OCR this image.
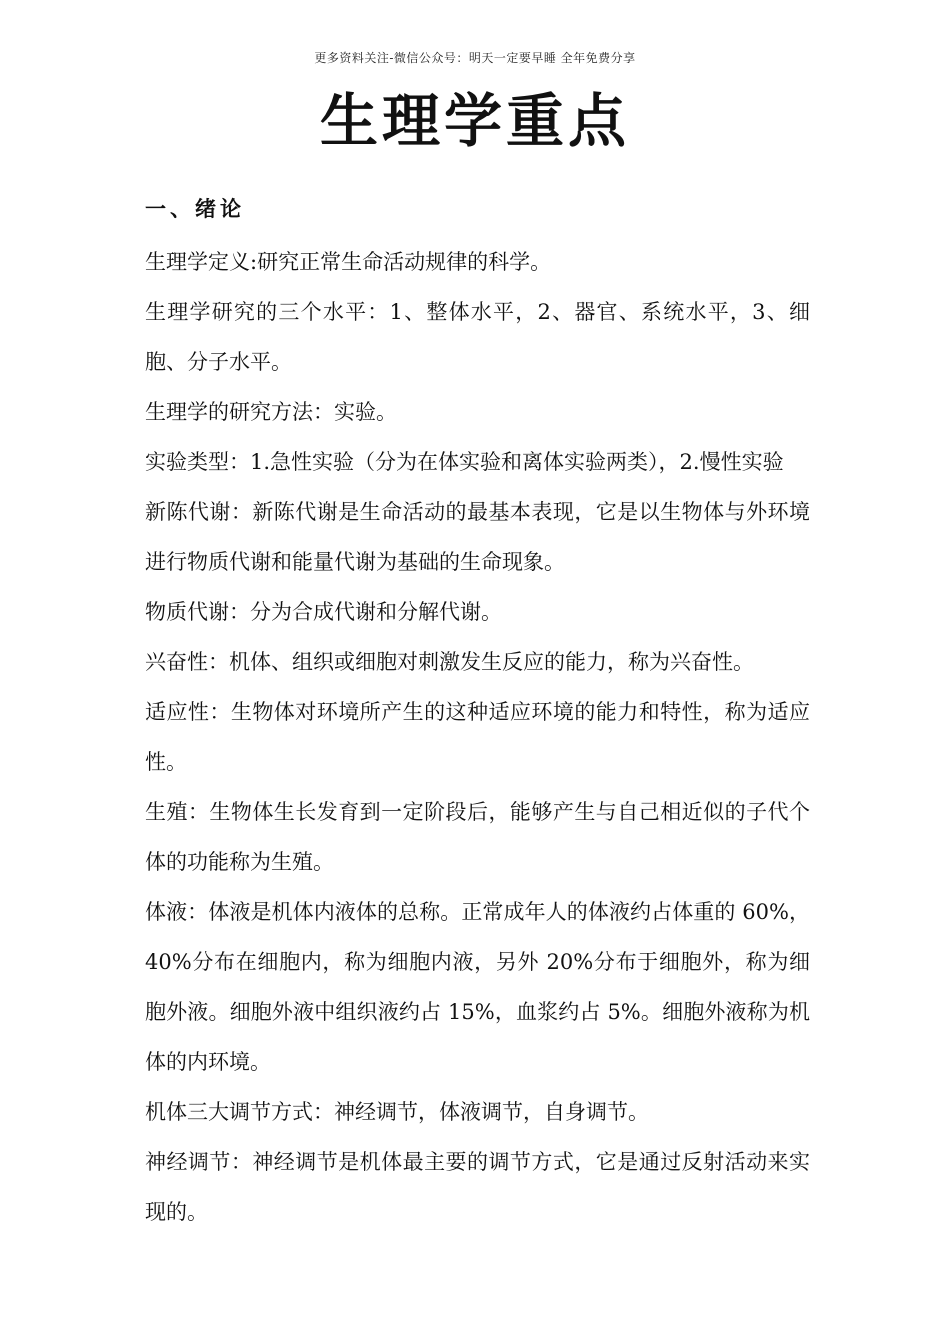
更多资料关注-微信公众号：明天一定要早睡 全年免费分享
生理学重点
一、绪论

生理学定义:研究正常生命活动规律的科学。

生理学研究的三个水平：1、整体水平，2、器官、系统水平，3、细胞、分子水平。

生理学的研究方法：实验。

实验类型：1.急性实验（分为在体实验和离体实验两类），2.慢性实验

新陈代谢：新陈代谢是生命活动的最基本表现，它是以生物体与外环境进行物质代谢和能量代谢为基础的生命现象。

物质代谢：分为合成代谢和分解代谢。

兴奋性：机体、组织或细胞对刺激发生反应的能力，称为兴奋性。

适应性：生物体对环境所产生的这种适应环境的能力和特性，称为适应性。

生殖：生物体生长发育到一定阶段后，能够产生与自己相近似的子代个体的功能称为生殖。

体液：体液是机体内液体的总称。正常成年人的体液约占体重的 60%，40%分布在细胞内，称为细胞内液，另外 20%分布于细胞外，称为细胞外液。细胞外液中组织液约占 15%，血浆约占 5%。细胞外液称为机体的内环境。

机体三大调节方式：神经调节，体液调节，自身调节。

神经调节：神经调节是机体最主要的调节方式，它是通过反射活动来实现的。
